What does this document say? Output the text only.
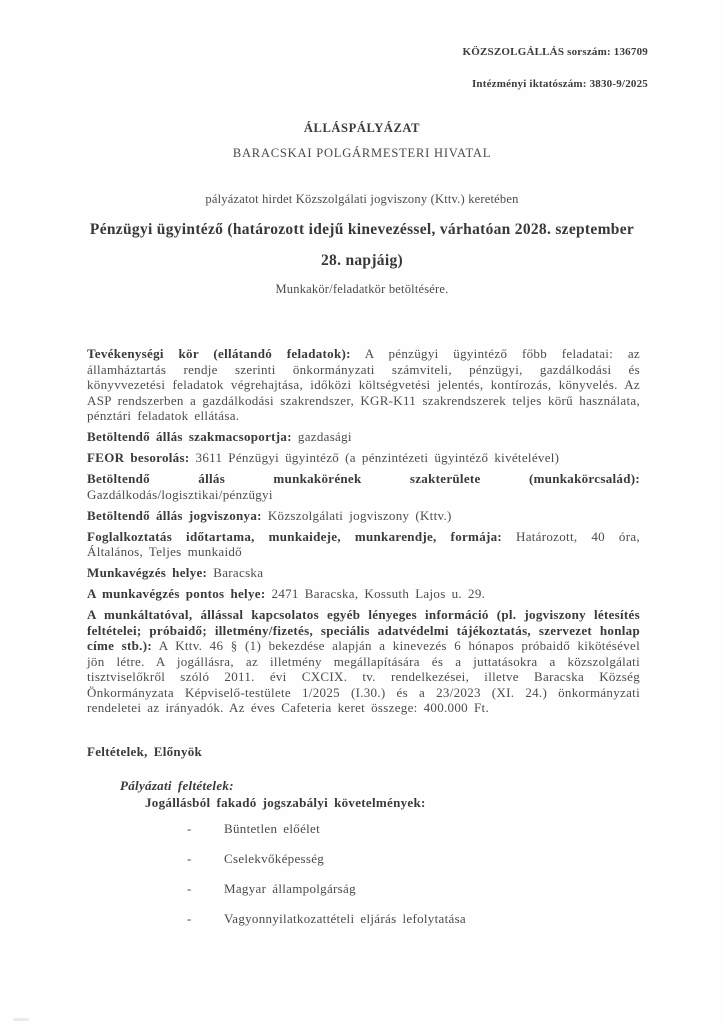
KÖZSZOLGÁLLÁS sorszám: 136709
Intézményi iktatószám: 3830-9/2025
ÁLLÁSPÁLYÁZAT
BARACSKAI POLGÁRMESTERI HIVATAL
pályázatot hirdet Közszolgálati jogviszony (Kttv.) keretében
Pénzügyi ügyintéző (határozott idejű kinevezéssel, várhatóan 2028. szeptember 28. napjáig)
Munkakör/feladatkör betöltésére.

Tevékenységi kör (ellátandó feladatok): A pénzügyi ügyintéző főbb feladatai: az államháztartás rendje szerinti önkormányzati számviteli, pénzügyi, gazdálkodási és könyvvezetési feladatok végrehajtása, időközi költségvetési jelentés, kontírozás, könyvelés. Az ASP rendszerben a gazdálkodási szakrendszer, KGR-K11 szakrendszerek teljes körű használata, pénztári feladatok ellátása.

Betöltendő állás szakmacsoportja: gazdasági

FEOR besorolás: 3611 Pénzügyi ügyintéző (a pénzintézeti ügyintéző kivételével)

Betöltendő állás munkakörének szakterülete (munkakörcsalád):
Gazdálkodás/logisztikai/pénzügyi

Betöltendő állás jogviszonya: Közszolgálati jogviszony (Kttv.)

Foglalkoztatás időtartama, munkaideje, munkarendje, formája: Határozott, 40 óra, Általános, Teljes munkaidő

Munkavégzés helye: Baracska

A munkavégzés pontos helye: 2471 Baracska, Kossuth Lajos u. 29.

A munkáltatóval, állással kapcsolatos egyéb lényeges információ (pl. jogviszony létesítés feltételei; próbaidő; illetmény/fizetés, speciális adatvédelmi tájékoztatás, szervezet honlap címe stb.): A Kttv. 46 § (1) bekezdése alapján a kinevezés 6 hónapos próbaidő kikötésével jön létre. A jogállásra, az illetmény megállapítására és a juttatásokra a közszolgálati tisztviselőkről szóló 2011. évi CXCIX. tv. rendelkezései, illetve Baracska Község Önkormányzata Képviselő-testülete 1/2025 (I.30.) és a 23/2023 (XI. 24.) önkormányzati rendeletei az irányadók. Az éves Cafeteria keret összege: 400.000 Ft.

Feltételek, Előnyök
Pályázati feltételek:
Jogállásból fakadó jogszabályi követelmények:
-	Büntetlen előélet
-	Cselekvőképesség
-	Magyar állampolgárság
-	Vagyonnyilatkozattételi eljárás lefolytatása
